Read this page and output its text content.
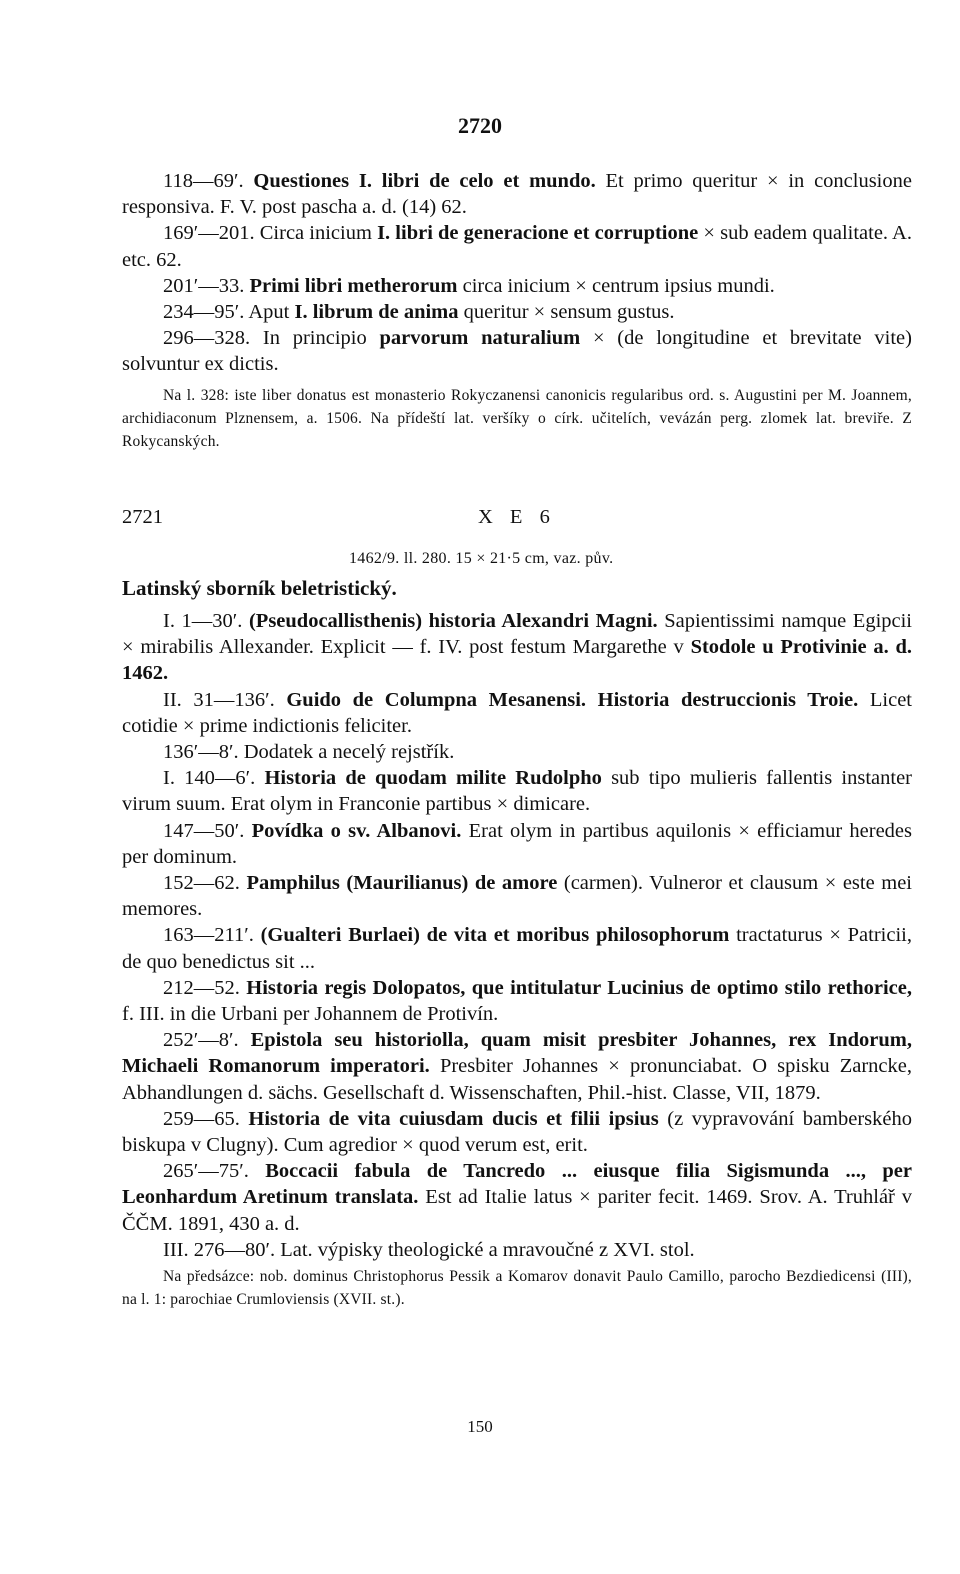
2720

118—69′. Questiones I. libri de celo et mundo. Et primo queritur × in conclusione responsiva. F. V. post pascha a. d. (14) 62.

169′—201. Circa inicium I. libri de generacione et corruptione × sub eadem qualitate. A. etc. 62.

201′—33. Primi libri metherorum circa inicium × centrum ipsius mundi.

234—95′. Aput I. librum de anima queritur × sensum gustus.

296—328. In principio parvorum naturalium × (de longitudine et brevitate vite) solvuntur ex dictis.

Na l. 328: iste liber donatus est monasterio Rokyczanensi canonicis regularibus ord. s. Augustini per M. Joannem, archidiaconum Plznensem, a. 1506. Na přídeští lat. veršíky o círk. učitelích, vevázán perg. zlomek lat. breviře. Z Rokycanských.

2721	X E 6
1462/9. ll. 280. 15 × 21·5 cm, vaz. pův.
Latinský sborník beletristický.

I. 1—30′. (Pseudocallisthenis) historia Alexandri Magni. Sapientissimi namque Egipcii × mirabilis Allexander. Explicit — f. IV. post festum Margarethe v Stodole u Protivinie a. d. 1462.

II. 31—136′. Guido de Columpna Mesanensi. Historia destruccionis Troie. Licet cotidie × prime indictionis feliciter.

136′—8′. Dodatek a necelý rejstřík.

I. 140—6′. Historia de quodam milite Rudolpho sub tipo mulieris fallentis instanter virum suum. Erat olym in Franconie partibus × dimicare.

147—50′. Povídka o sv. Albanovi. Erat olym in partibus aquilonis × efficiamur heredes per dominum.

152—62. Pamphilus (Maurilianus) de amore (carmen). Vulneror et clausum × este mei memores.

163—211′. (Gualteri Burlaei) de vita et moribus philosophorum tractaturus × Patricii, de quo benedictus sit ...

212—52. Historia regis Dolopatos, que intitulatur Lucinius de optimo stilo rethorice, f. III. in die Urbani per Johannem de Protivín.

252′—8′. Epistola seu historiolla, quam misit presbiter Johannes, rex Indorum, Michaeli Romanorum imperatori. Presbiter Johannes × pronunciabat. O spisku Zarncke, Abhandlungen d. sächs. Gesellschaft d. Wissenschaften, Phil.-hist. Classe, VII, 1879.

259—65. Historia de vita cuiusdam ducis et filii ipsius (z vypravování bamberského biskupa v Clugny). Cum agredior × quod verum est, erit.

265′—75′. Boccacii fabula de Tancredo ... eiusque filia Sigismunda ..., per Leonhardum Aretinum translata. Est ad Italie latus × pariter fecit. 1469. Srov. A. Truhlář v ČČM. 1891, 430 a. d.

III. 276—80′. Lat. výpisky theologické a mravoučné z XVI. stol.

Na předsázce: nob. dominus Christophorus Pessik a Komarov donavit Paulo Camillo, parocho Bezdiedicensi (III), na l. 1: parochiae Crumloviensis (XVII. st.).

150
